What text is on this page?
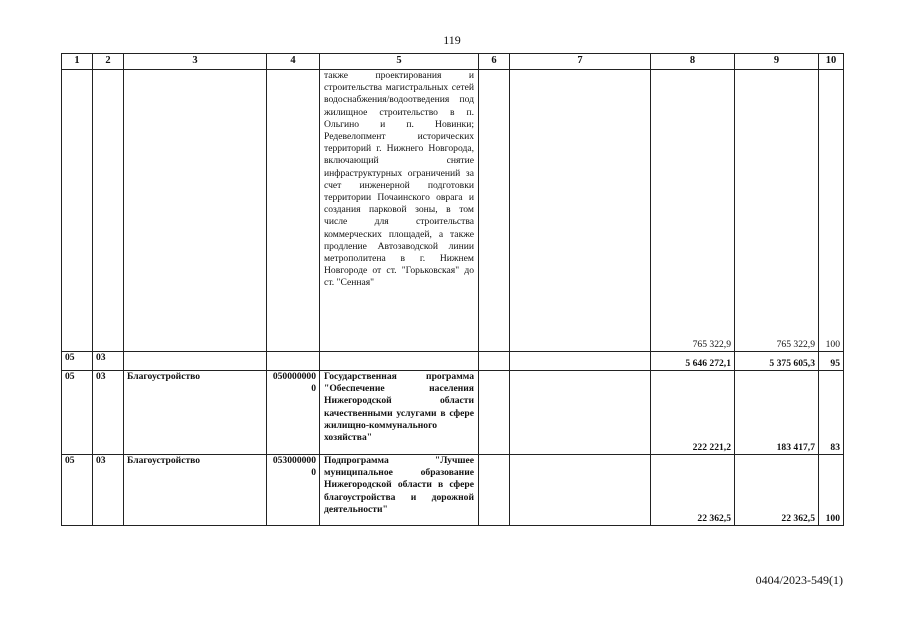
119
1	2	3	4	5	6	7	8	9	10
				также проектирования и строительства магистральных сетей водоснабжения/водоотведения под жилищное строительство в п. Ольгино и п. Новинки; Редевелопмент исторических территорий г. Нижнего Новгорода, включающий снятие инфраструктурных ограничений за счет инженерной подготовки территории Почаинского оврага и создания парковой зоны, в том числе для строительства коммерческих площадей, а также продление Автозаводской линии метрополитена в г. Нижнем Новгороде от ст. "Горьковская" до ст. "Сенная"			765 322,9	765 322,9	100
05	03						5 646 272,1	5 375 605,3	95
05	03	Благоустройство	0500000000	Государственная программа "Обеспечение населения Нижегородской области качественными услугами в сфере жилищно-коммунального хозяйства"			222 221,2	183 417,7	83
05	03	Благоустройство	0530000000	Подпрограмма "Лучшее муниципальное образование Нижегородской области в сфере благоустройства и дорожной деятельности"			22 362,5	22 362,5	100
0404/2023-549(1)
